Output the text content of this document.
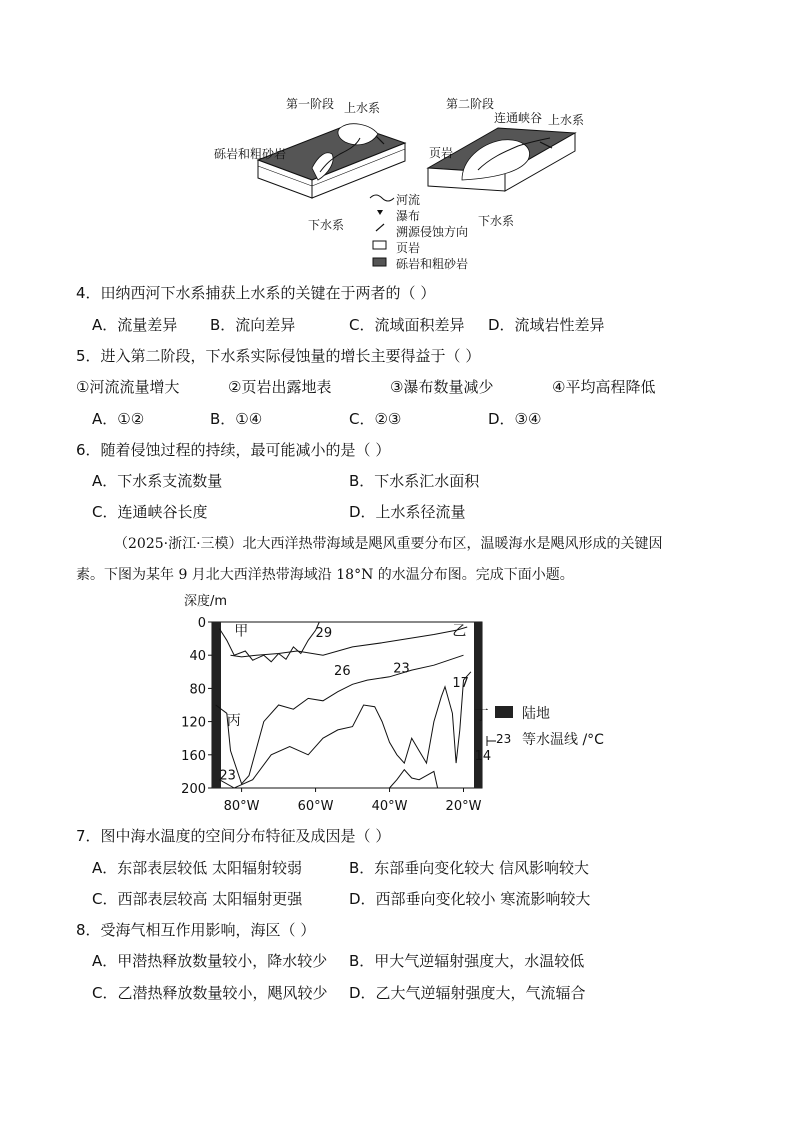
第一阶段 上水系
砾岩和粗砂岩
下水系
第二阶段
连通峡谷 上水系
页岩
下水系
河流
瀑布
溯源侵蚀方向
页岩
砾岩和粗砂岩
4．田纳西河下水系捕获上水系的关键在于两者的（ ）
A．流量差异 B．流向差异	C．流域面积差异 D．流域岩性差异
5．进入第二阶段，下水系实际侵蚀量的增长主要得益于（ ）
①河流流量增大	②页岩出露地表	③瀑布数量减少	④平均高程降低
A．①②	B．①④	C．②③	D．③④
6．随着侵蚀过程的持续，最可能减小的是（ ）
A．下水系支流数量	B．下水系汇水面积
C．连通峡谷长度	D．上水系径流量
（2025·浙江·三模）北大西洋热带海域是飓风重要分布区，温暖海水是飓风形成的关键因
素。下图为某年 9 月北大西洋热带海域沿 18°N 的水温分布图。完成下面小题。
深度/m
0
40
80
120
160
200
80°W	60°W	40°W	20°W
29
26	23
23
17
14
甲	乙
丙	丁 陆地
23 等水温线 /°C
7．图中海水温度的空间分布特征及成因是（ ）
A．东部表层较低 太阳辐射较弱	B．东部垂向变化较大 信风影响较大
C．西部表层较高 太阳辐射更强	D．西部垂向变化较小 寒流影响较大
8．受海气相互作用影响，海区（ ）
A．甲潜热释放数量较小，降水较少 B．甲大气逆辐射强度大，水温较低
C．乙潜热释放数量较小，飓风较少 D．乙大气逆辐射强度大，气流辐合
